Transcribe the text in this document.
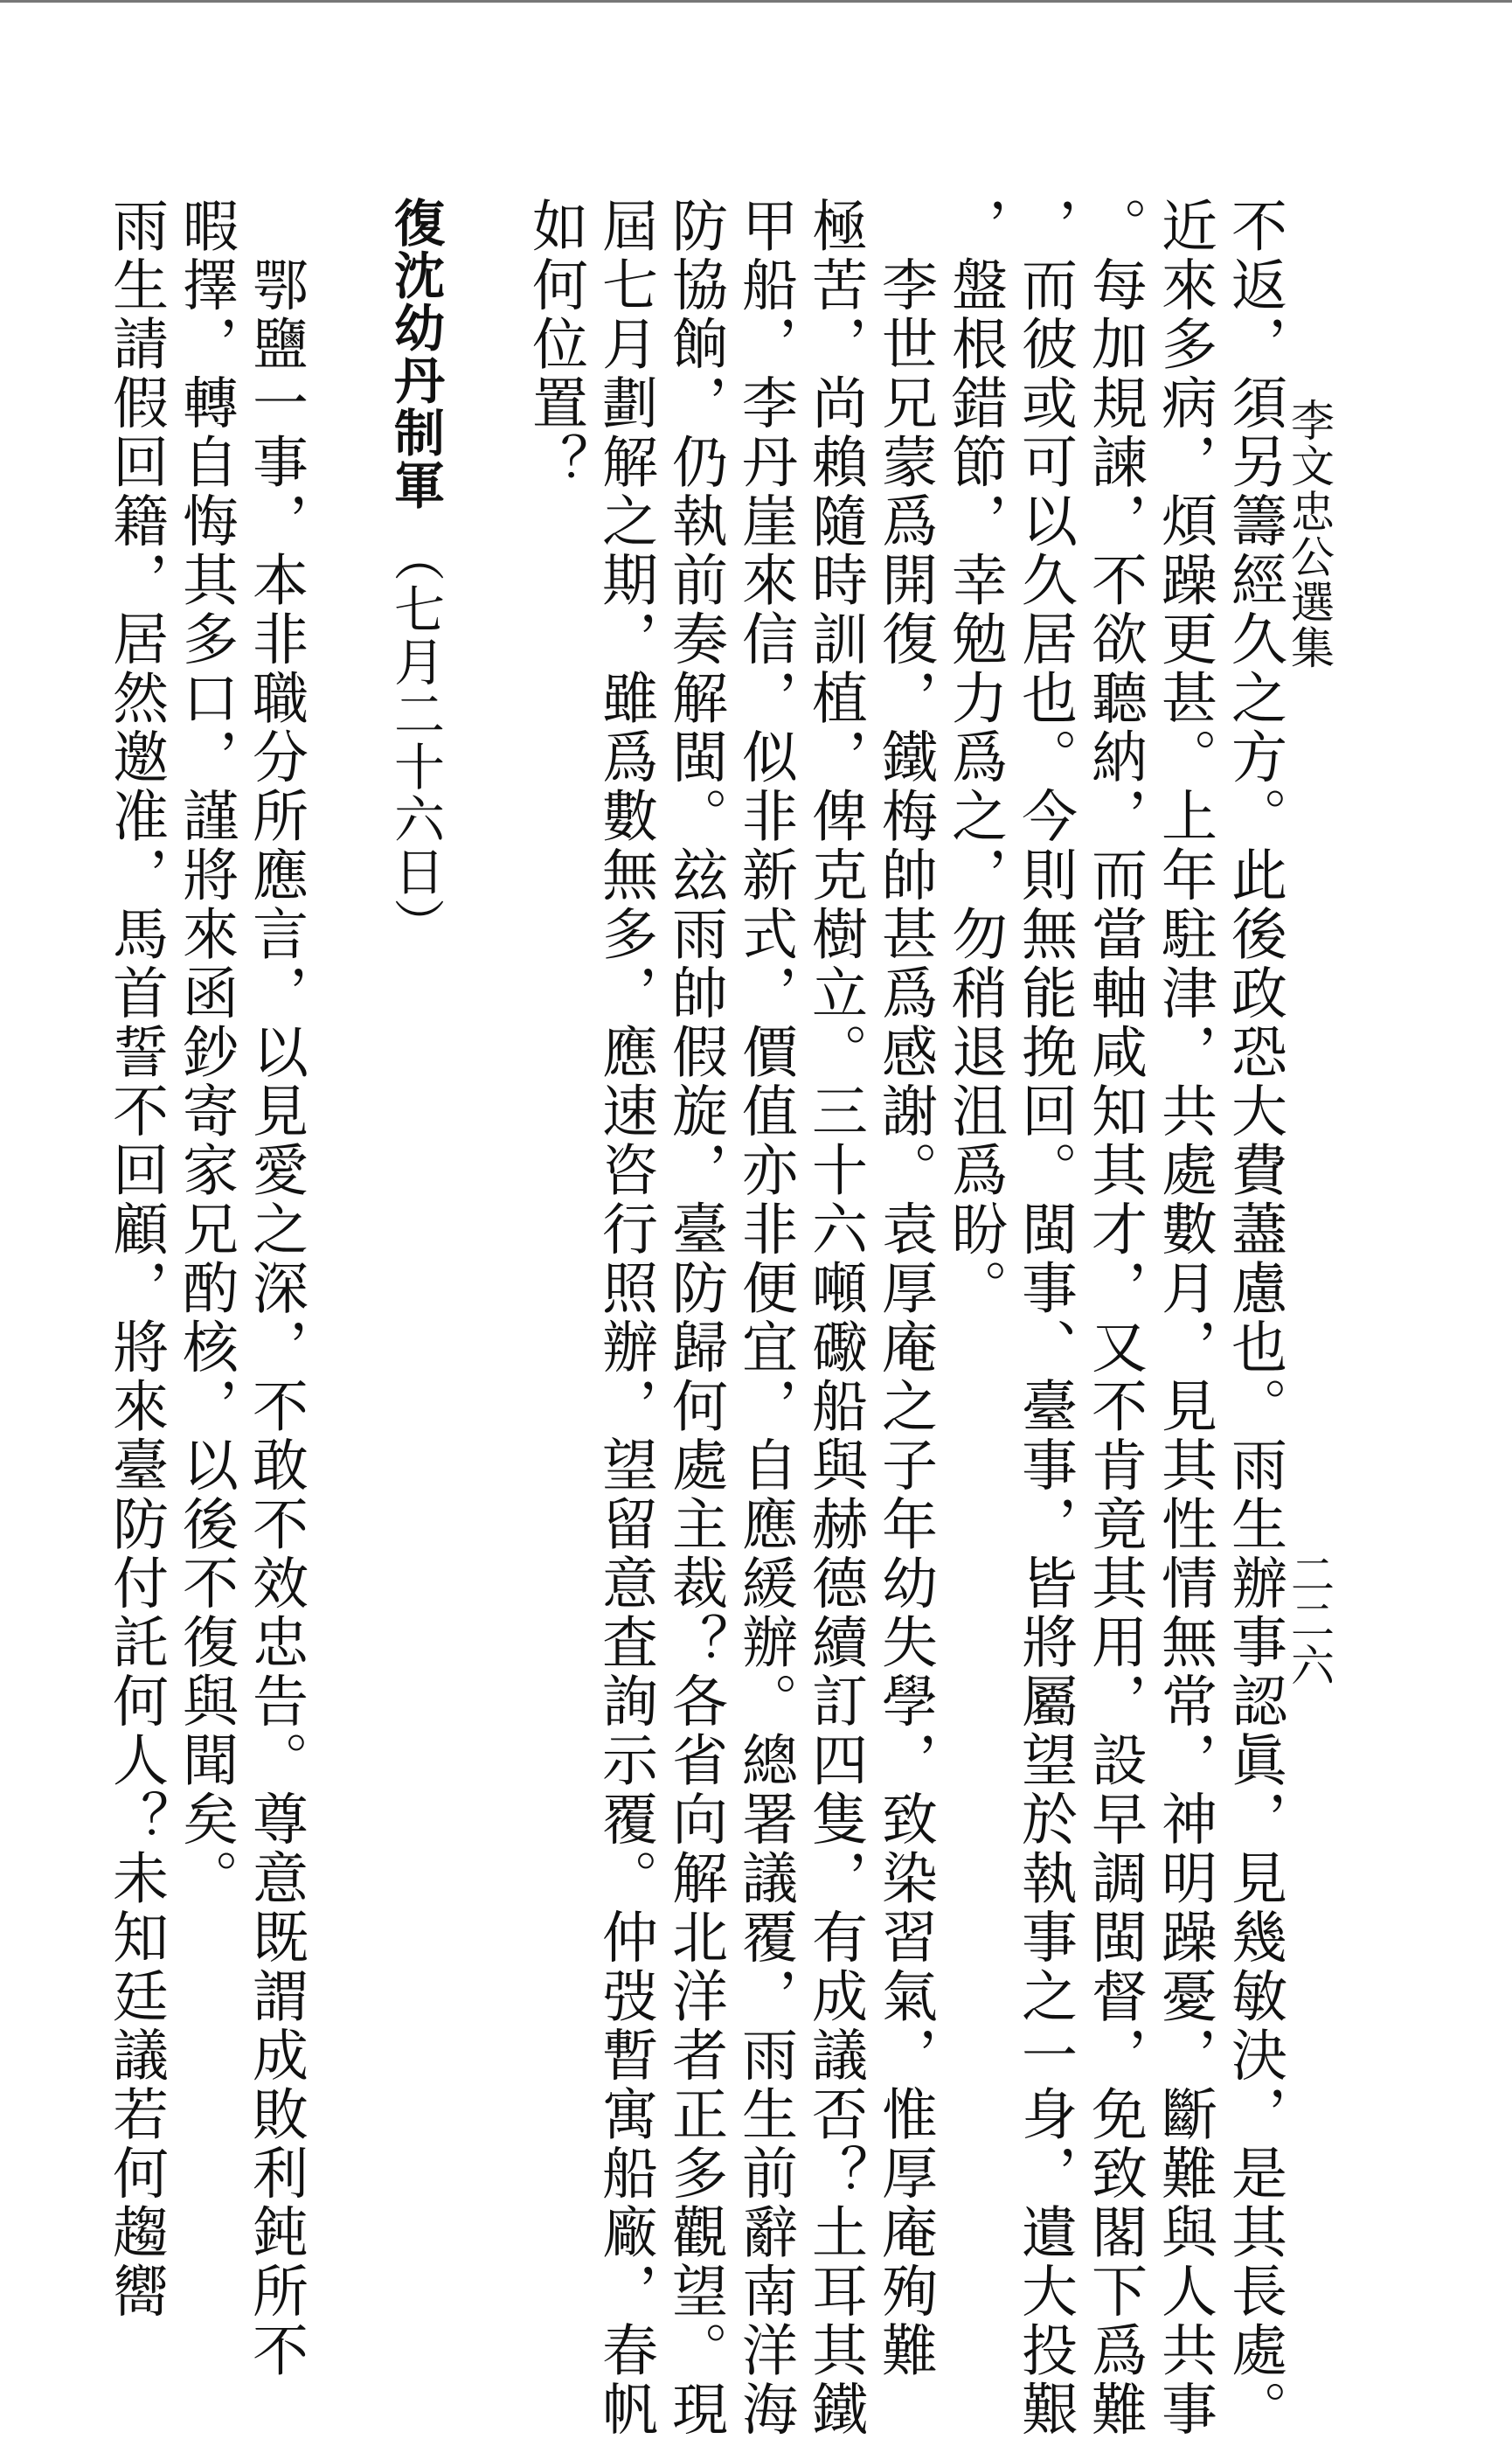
李文忠公選集
二二六

不返，須另籌經久之方。此後政恐大費藎慮也。雨生辦事認眞，見幾敏決，是其長處。

近來多病，煩躁更甚。上年駐津，共處數月，見其性情無常，神明躁憂，斷難與人共事

。每加規諫，不欲聽納，而當軸咸知其才，又不肯竟其用，設早調閩督，免致閣下爲難

，而彼或可以久居也。今則無能挽回。閩事、臺事，皆將屬望於執事之一身，遺大投艱

，盤根錯節，幸勉力爲之，勿稍退沮爲盼。

　李世兄蒙爲開復，鐵梅帥甚爲感謝。袁厚庵之子年幼失學，致染習氣，惟厚庵殉難

極苦，尚賴隨時訓植，俾克樹立。三十六噸礮船與赫德續訂四隻，有成議否？土耳其鐵

甲船，李丹崖來信，似非新式，價值亦非便宜，自應緩辦。總署議覆，雨生前辭南洋海

防協餉，仍執前奏解閩。玆雨帥假旋，臺防歸何處主裁？各省向解北洋者正多觀望。現

屆七月劃解之期，雖爲數無多，應速咨行照辦，望留意査詢示覆。仲弢暫寓船廠，春帆

如何位置？

復沈幼丹制軍 （七月二十六日）

　鄂鹽一事，本非職分所應言，以見愛之深，不敢不效忠告。尊意既謂成敗利鈍所不

暇擇，轉自悔其多口，謹將來函鈔寄家兄酌核，以後不復與聞矣。

雨生請假回籍，居然邀准，馬首誓不回顧，將來臺防付託何人？未知廷議若何趨嚮
